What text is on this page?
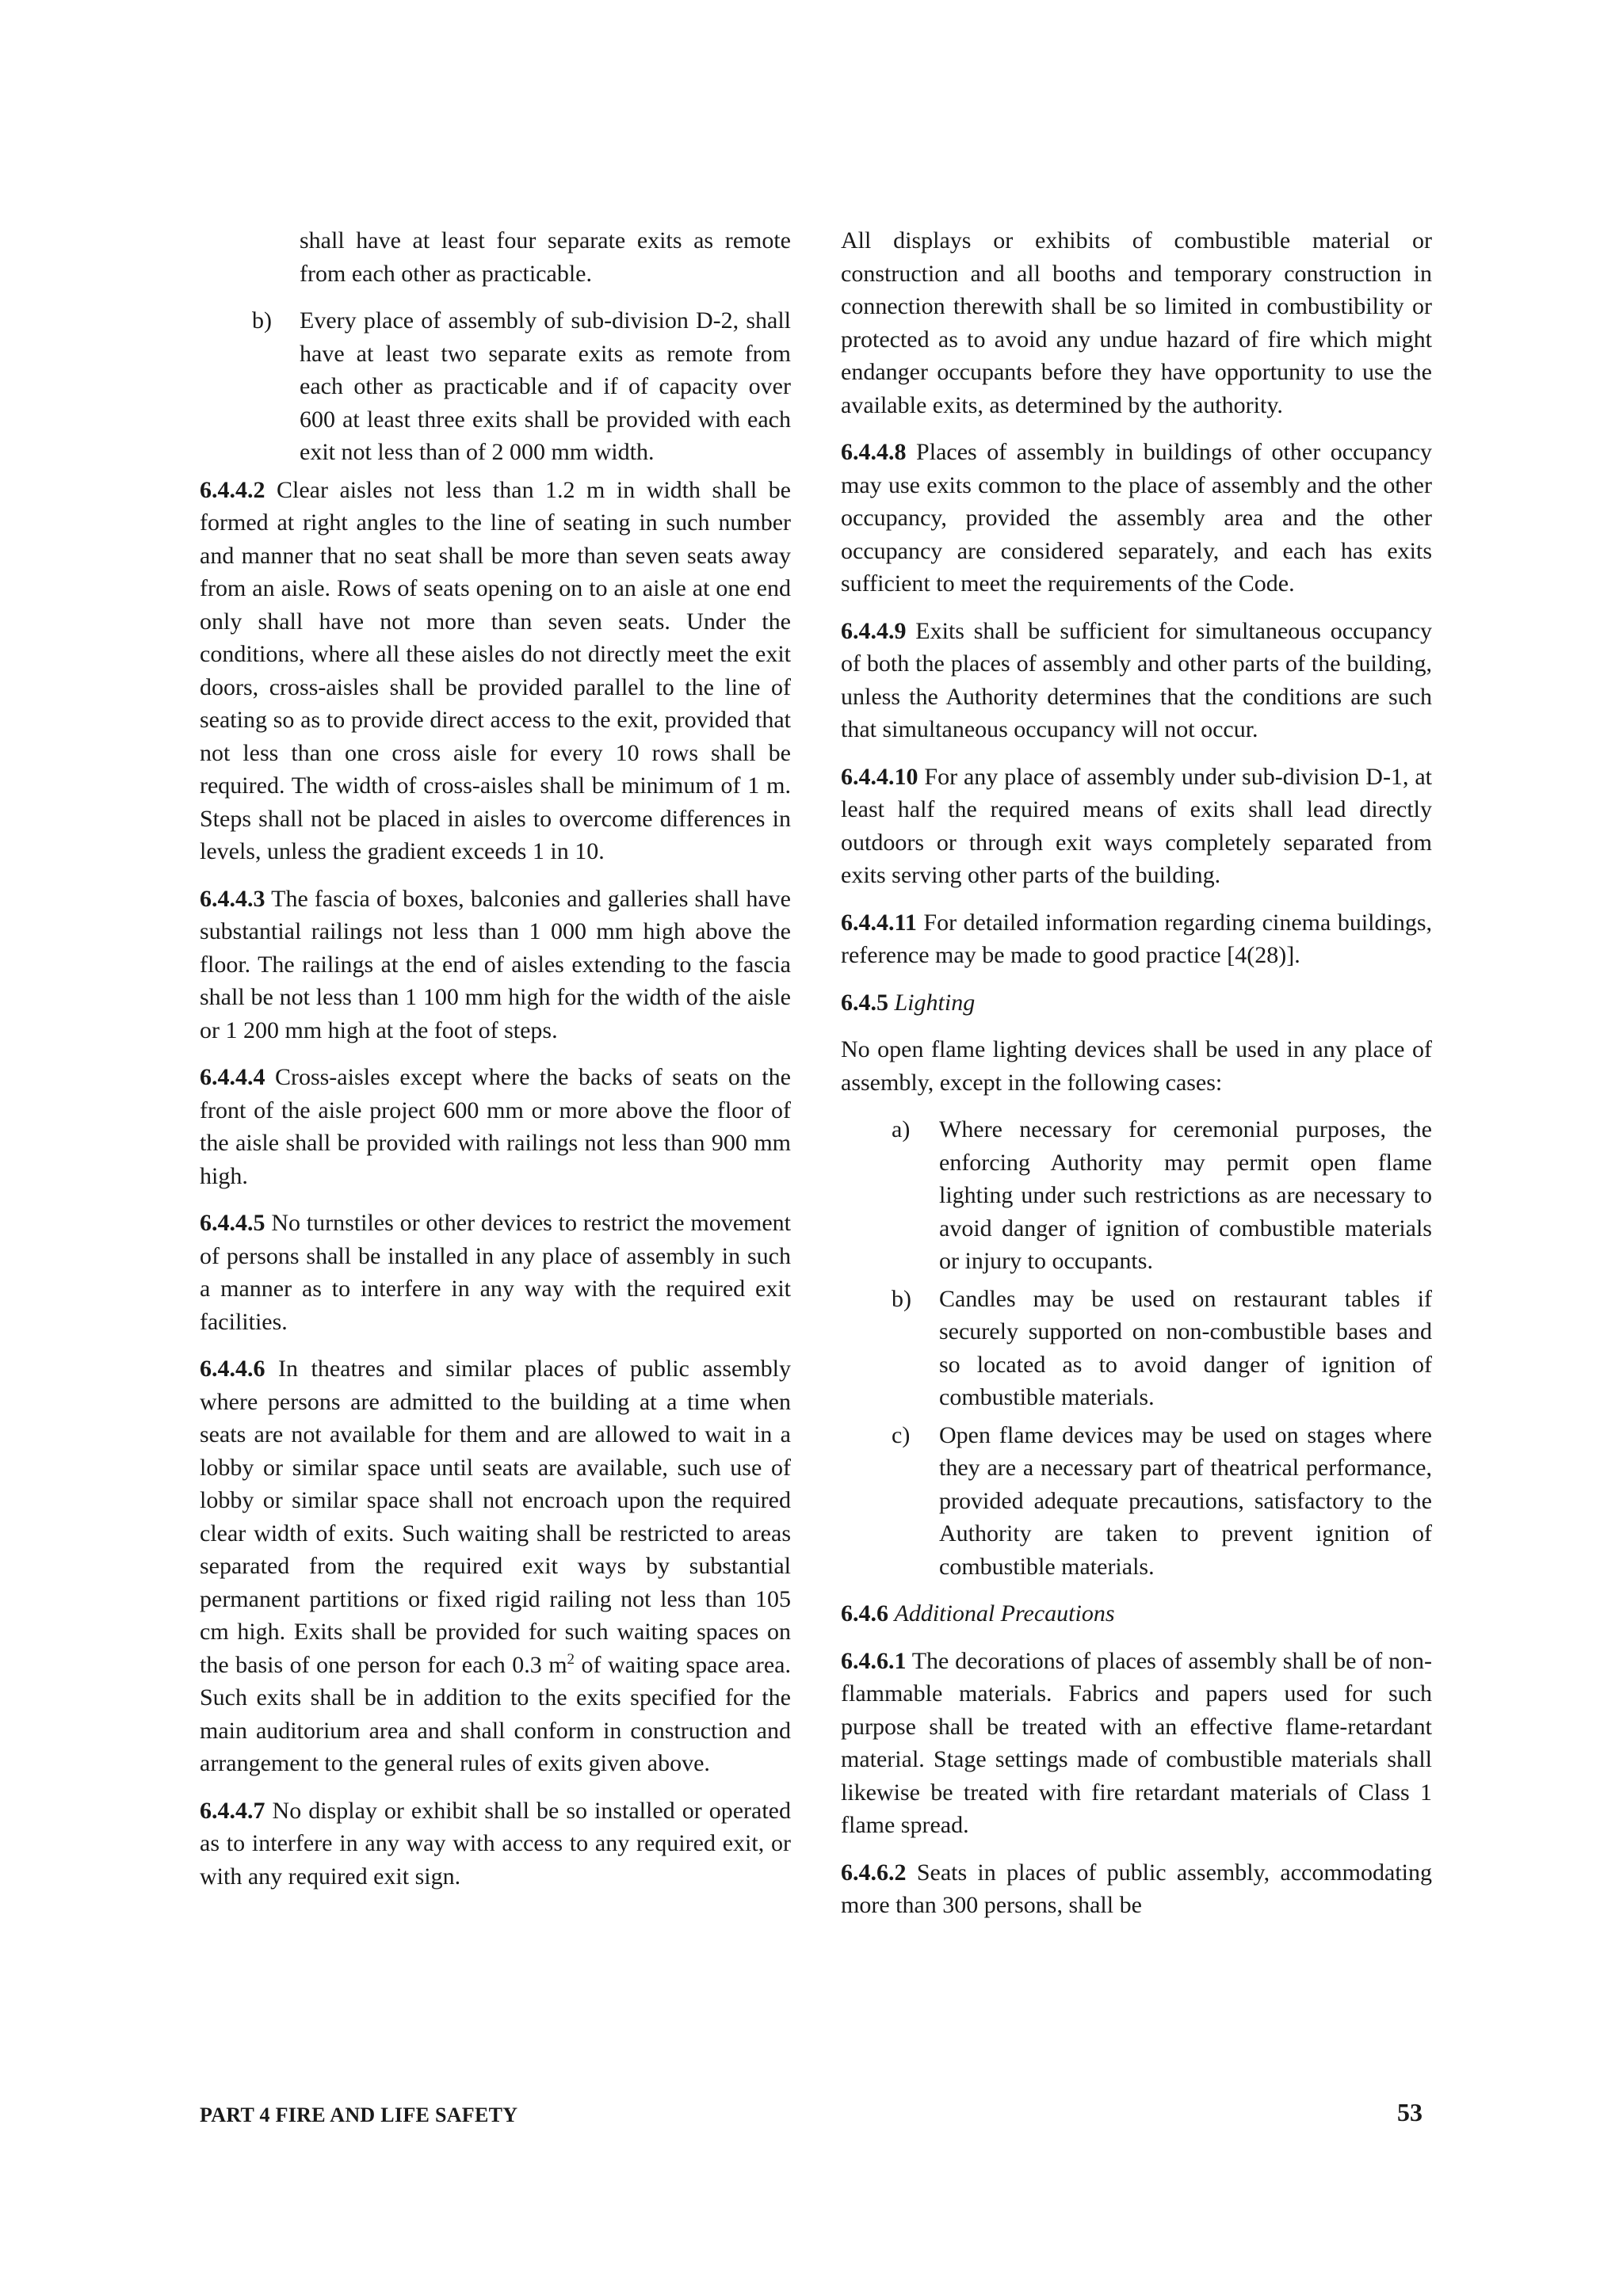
shall have at least four separate exits as remote from each other as practicable.

b)	Every place of assembly of sub-division D-2, shall have at least two separate exits as remote from each other as practicable and if of capacity over 600 at least three exits shall be provided with each exit not less than of 2 000 mm width.

6.4.4.2 Clear aisles not less than 1.2 m in width shall be formed at right angles to the line of seating in such number and manner that no seat shall be more than seven seats away from an aisle. Rows of seats opening on to an aisle at one end only shall have not more than seven seats. Under the conditions, where all these aisles do not directly meet the exit doors, cross-aisles shall be provided parallel to the line of seating so as to provide direct access to the exit, provided that not less than one cross aisle for every 10 rows shall be required. The width of cross-aisles shall be minimum of 1 m. Steps shall not be placed in aisles to overcome differences in levels, unless the gradient exceeds 1 in 10.

6.4.4.3 The fascia of boxes, balconies and galleries shall have substantial railings not less than 1 000 mm high above the floor. The railings at the end of aisles extending to the fascia shall be not less than 1 100 mm high for the width of the aisle or 1 200 mm high at the foot of steps.

6.4.4.4 Cross-aisles except where the backs of seats on the front of the aisle project 600 mm or more above the floor of the aisle shall be provided with railings not less than 900 mm high.

6.4.4.5 No turnstiles or other devices to restrict the movement of persons shall be installed in any place of assembly in such a manner as to interfere in any way with the required exit facilities.

6.4.4.6 In theatres and similar places of public assembly where persons are admitted to the building at a time when seats are not available for them and are allowed to wait in a lobby or similar space until seats are available, such use of lobby or similar space shall not encroach upon the required clear width of exits. Such waiting shall be restricted to areas separated from the required exit ways by substantial permanent partitions or fixed rigid railing not less than 105 cm high. Exits shall be provided for such waiting spaces on the basis of one person for each 0.3 $m^2$ of waiting space area. Such exits shall be in addition to the exits specified for the main auditorium area and shall conform in construction and arrangement to the general rules of exits given above.

6.4.4.7 No display or exhibit shall be so installed or operated as to interfere in any way with access to any required exit, or with any required exit sign.

All displays or exhibits of combustible material or construction and all booths and temporary construction in connection therewith shall be so limited in combustibility or protected as to avoid any undue hazard of fire which might endanger occupants before they have opportunity to use the available exits, as determined by the authority.

6.4.4.8 Places of assembly in buildings of other occupancy may use exits common to the place of assembly and the other occupancy, provided the assembly area and the other occupancy are considered separately, and each has exits sufficient to meet the requirements of the Code.

6.4.4.9 Exits shall be sufficient for simultaneous occupancy of both the places of assembly and other parts of the building, unless the Authority determines that the conditions are such that simultaneous occupancy will not occur.

6.4.4.10 For any place of assembly under sub-division D-1, at least half the required means of exits shall lead directly outdoors or through exit ways completely separated from exits serving other parts of the building.

6.4.4.11 For detailed information regarding cinema buildings, reference may be made to good practice [4(28)].

6.4.5 Lighting

No open flame lighting devices shall be used in any place of assembly, except in the following cases:

a)	Where necessary for ceremonial purposes, the enforcing Authority may permit open flame lighting under such restrictions as are necessary to avoid danger of ignition of combustible materials or injury to occupants.
b)	Candles may be used on restaurant tables if securely supported on non-combustible bases and so located as to avoid danger of ignition of combustible materials.
c)	Open flame devices may be used on stages where they are a necessary part of theatrical performance, provided adequate precautions, satisfactory to the Authority are taken to prevent ignition of combustible materials.

6.4.6 Additional Precautions

6.4.6.1 The decorations of places of assembly shall be of non-flammable materials. Fabrics and papers used for such purpose shall be treated with an effective flame-retardant material. Stage settings made of combustible materials shall likewise be treated with fire retardant materials of Class 1 flame spread.

6.4.6.2 Seats in places of public assembly, accommodating more than 300 persons, shall be

PART 4 FIRE AND LIFE SAFETY	53
